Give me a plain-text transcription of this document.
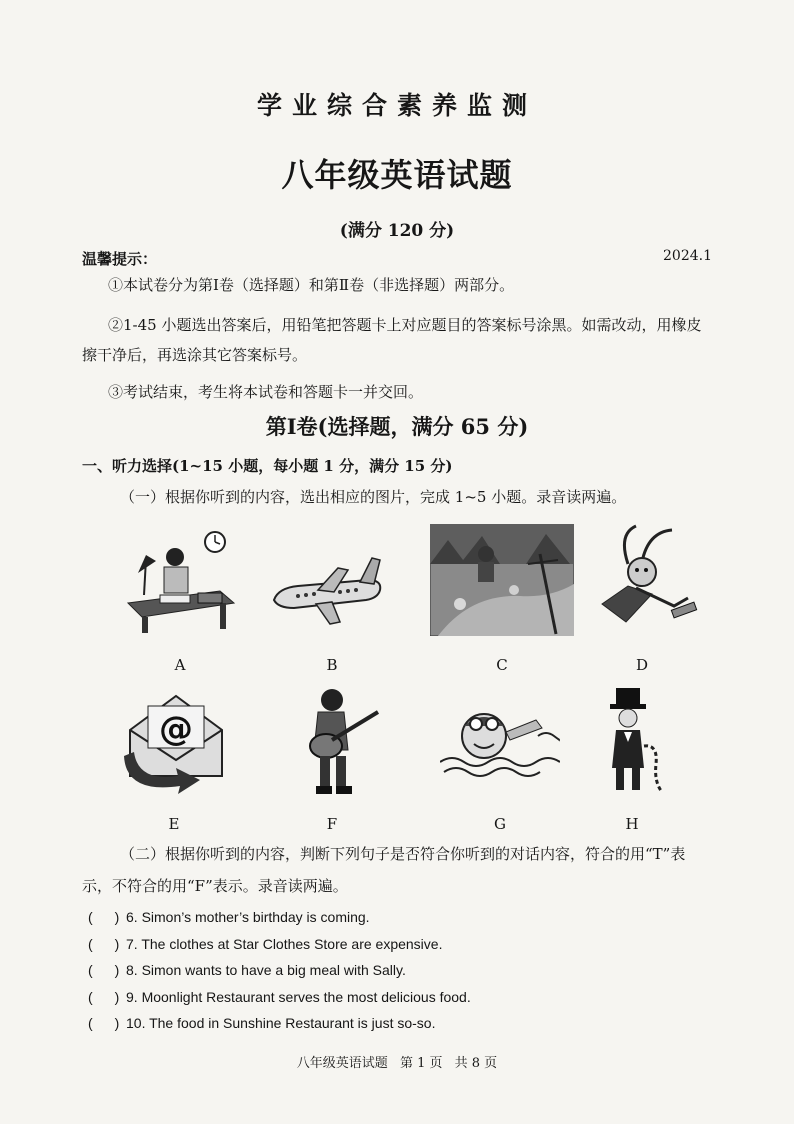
学业综合素养监测
八年级英语试题
(满分 120 分)
温馨提示：	2024.1
①本试卷分为第Ⅰ卷（选择题）和第Ⅱ卷（非选择题）两部分。
②1-45 小题选出答案后，用铅笔把答题卡上对应题目的答案标号涂黑。如需改动，用橡皮擦干净后，再选涂其它答案标号。
③考试结束，考生将本试卷和答题卡一并交回。
第Ⅰ卷(选择题，满分 65 分)
一、听力选择(1~15 小题，每小题 1 分，满分 15 分)
（一）根据你听到的内容，选出相应的图片，完成 1~5 小题。录音读两遍。
A	B	C	D
@
E	F	G	H
（二）根据你听到的内容，判断下列句子是否符合你听到的对话内容，符合的用“T”表示，不符合的用“F”表示。录音读两遍。
( ) 6. Simon’s mother’s birthday is coming.
( ) 7. The clothes at Star Clothes Store are expensive.
( ) 8. Simon wants to have a big meal with Sally.
( ) 9. Moonlight Restaurant serves the most delicious food.
( ) 10. The food in Sunshine Restaurant is just so-so.
八年级英语试题 第 1 页 共 8 页
